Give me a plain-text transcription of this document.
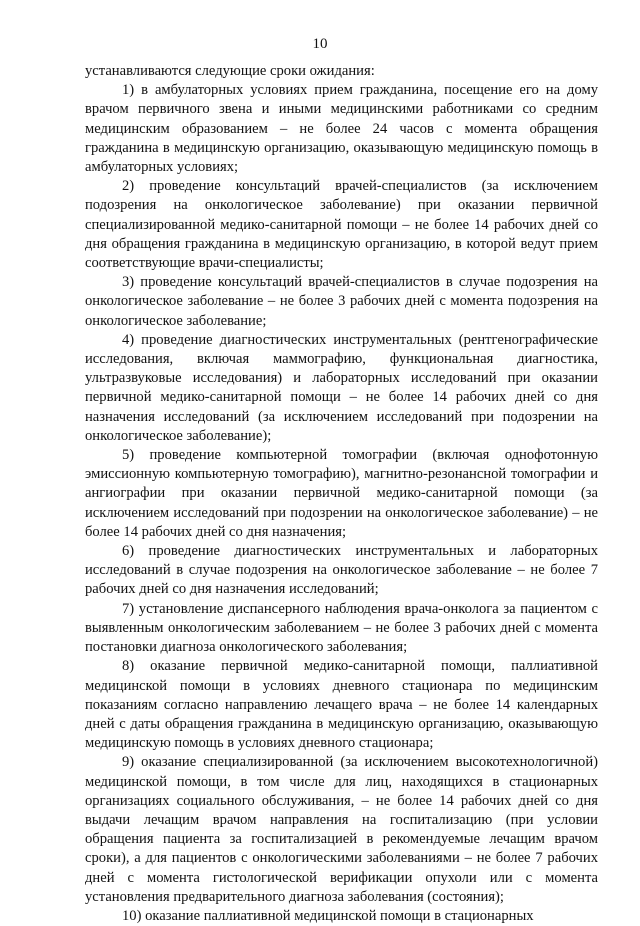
10

устанавливаются следующие сроки ожидания:

1) в амбулаторных условиях прием гражданина, посещение его на дому врачом первичного звена и иными медицинскими работниками со средним медицинским образованием – не более 24 часов с момента обращения гражданина в медицинскую организацию, оказывающую медицинскую помощь в амбулаторных условиях;

2) проведение консультаций врачей-специалистов (за исключением подозрения на онкологическое заболевание) при оказании первичной специализированной медико-санитарной помощи – не более 14 рабочих дней со дня обращения гражданина в медицинскую организацию, в которой ведут прием соответствующие врачи-специалисты;

3) проведение консультаций врачей-специалистов в случае подозрения на онкологическое заболевание – не более 3 рабочих дней с момента подозрения на онкологическое заболевание;

4) проведение диагностических инструментальных (рентгенографические исследования, включая маммографию, функциональная диагностика, ультразвуковые исследования) и лабораторных исследований при оказании первичной медико-санитарной помощи – не более 14 рабочих дней со дня назначения исследований (за исключением исследований при подозрении на онкологическое заболевание);

5) проведение компьютерной томографии (включая однофотонную эмиссионную компьютерную томографию), магнитно-резонансной томографии и ангиографии при оказании первичной медико-санитарной помощи (за исключением исследований при подозрении на онкологическое заболевание) – не более 14 рабочих дней со дня назначения;

6) проведение диагностических инструментальных и лабораторных исследований в случае подозрения на онкологическое заболевание – не более 7 рабочих дней со дня назначения исследований;

7) установление диспансерного наблюдения врача-онколога за пациентом с выявленным онкологическим заболеванием – не более 3 рабочих дней с момента постановки диагноза онкологического заболевания;

8) оказание первичной медико-санитарной помощи, паллиативной медицинской помощи в условиях дневного стационара по медицинским показаниям согласно направлению лечащего врача – не более 14 календарных дней с даты обращения гражданина в медицинскую организацию, оказывающую медицинскую помощь в условиях дневного стационара;

9) оказание специализированной (за исключением высокотехнологичной) медицинской помощи, в том числе для лиц, находящихся в стационарных организациях социального обслуживания, – не более 14 рабочих дней со дня выдачи лечащим врачом направления на госпитализацию (при условии обращения пациента за госпитализацией в рекомендуемые лечащим врачом сроки), а для пациентов с онкологическими заболеваниями – не более 7 рабочих дней с момента гистологической верификации опухоли или с момента установления предварительного диагноза заболевания (состояния);

10) оказание паллиативной медицинской помощи в стационарных
